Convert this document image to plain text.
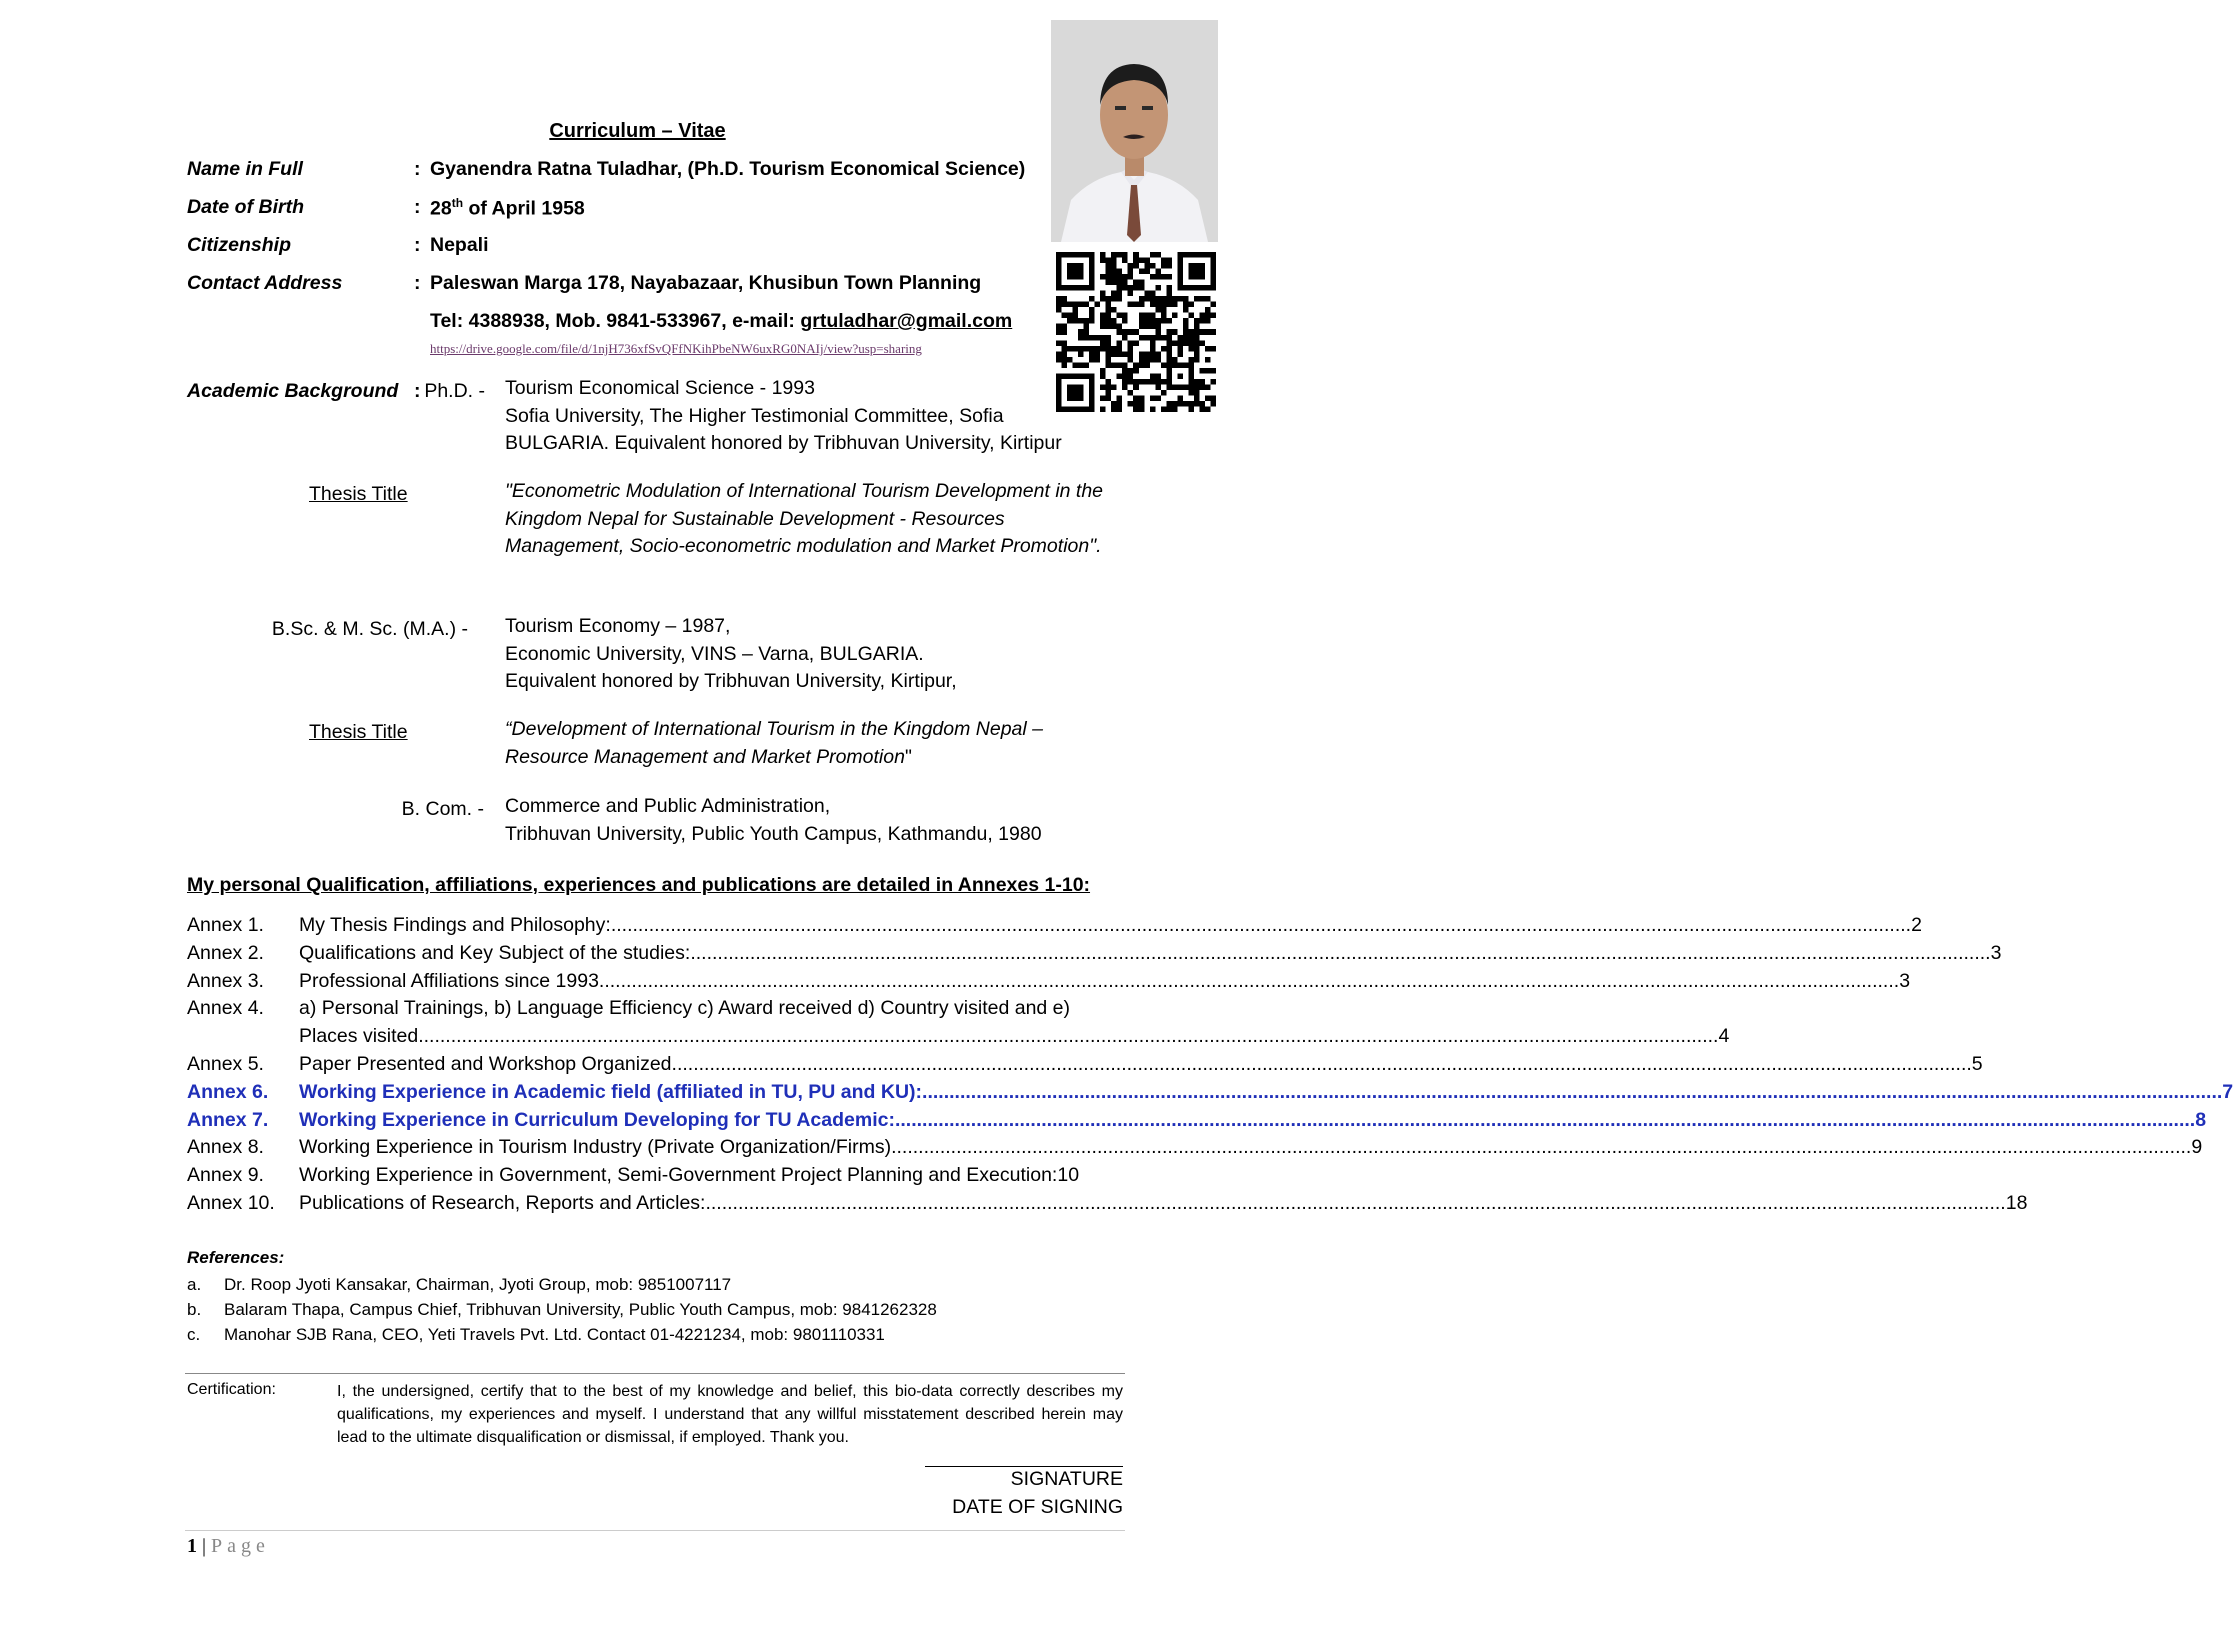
Curriculum – Vitae
Name in Full	: Gyanendra Ratna Tuladhar, (Ph.D. Tourism Economical Science)
Date of Birth	: 28th of April 1958
Citizenship	: Nepali
Contact Address	: Paleswan Marga 178, Nayabazaar, Khusibun Town Planning
Tel: 4388938, Mob. 9841-533967, e-mail: grtuladhar@gmail.com
https://drive.google.com/file/d/1njH736xfSvQFfNKihPbeNW6uxRG0NAIj/view?usp=sharing
Academic Background : Ph.D. - Tourism Economical Science - 1993
Sofia University, The Higher Testimonial Committee, Sofia
BULGARIA. Equivalent honored by Tribhuvan University, Kirtipur
Thesis Title	"Econometric Modulation of International Tourism Development in the Kingdom Nepal for Sustainable Development - Resources Management, Socio-econometric modulation and Market Promotion".
B.Sc. & M. Sc. (M.A.) - Tourism Economy – 1987,
Economic University, VINS – Varna, BULGARIA.
Equivalent honored by Tribhuvan University, Kirtipur,
Thesis Title	“Development of International Tourism in the Kingdom Nepal – Resource Management and Market Promotion"
B. Com. - Commerce and Public Administration,
Tribhuvan University, Public Youth Campus, Kathmandu, 1980
My personal Qualification, affiliations, experiences and publications are detailed in Annexes 1-10:
Annex 1.	My Thesis Findings and Philosophy: .....	2
Annex 2.	Qualifications and Key Subject of the studies: .....	3
Annex 3.	Professional Affiliations since 1993 .....	3
Annex 4.	a) Personal Trainings, b) Language Efficiency c) Award received d) Country visited and e)
Places visited .....	4
Annex 5.	Paper Presented and Workshop Organized .....	5
Annex 6.	Working Experience in Academic field (affiliated in TU, PU and KU): .....	7
Annex 7.	Working Experience in Curriculum Developing for TU Academic: .....	8
Annex 8.	Working Experience in Tourism Industry (Private Organization/Firms) .....	9
Annex 9.	Working Experience in Government, Semi-Government Project Planning and Execution:10
Annex 10.	Publications of Research, Reports and Articles: .....	18
References:
a.	Dr. Roop Jyoti Kansakar, Chairman, Jyoti Group, mob: 9851007117
b.	Balaram Thapa, Campus Chief, Tribhuvan University, Public Youth Campus, mob: 9841262328
c.	Manohar SJB Rana, CEO, Yeti Travels Pvt. Ltd. Contact 01-4221234, mob: 9801110331
Certification:	I, the undersigned, certify that to the best of my knowledge and belief, this bio-data correctly describes my qualifications, my experiences and myself. I understand that any willful misstatement described herein may lead to the ultimate disqualification or dismissal, if employed. Thank you.
SIGNATURE
DATE OF SIGNING
1 | Page
